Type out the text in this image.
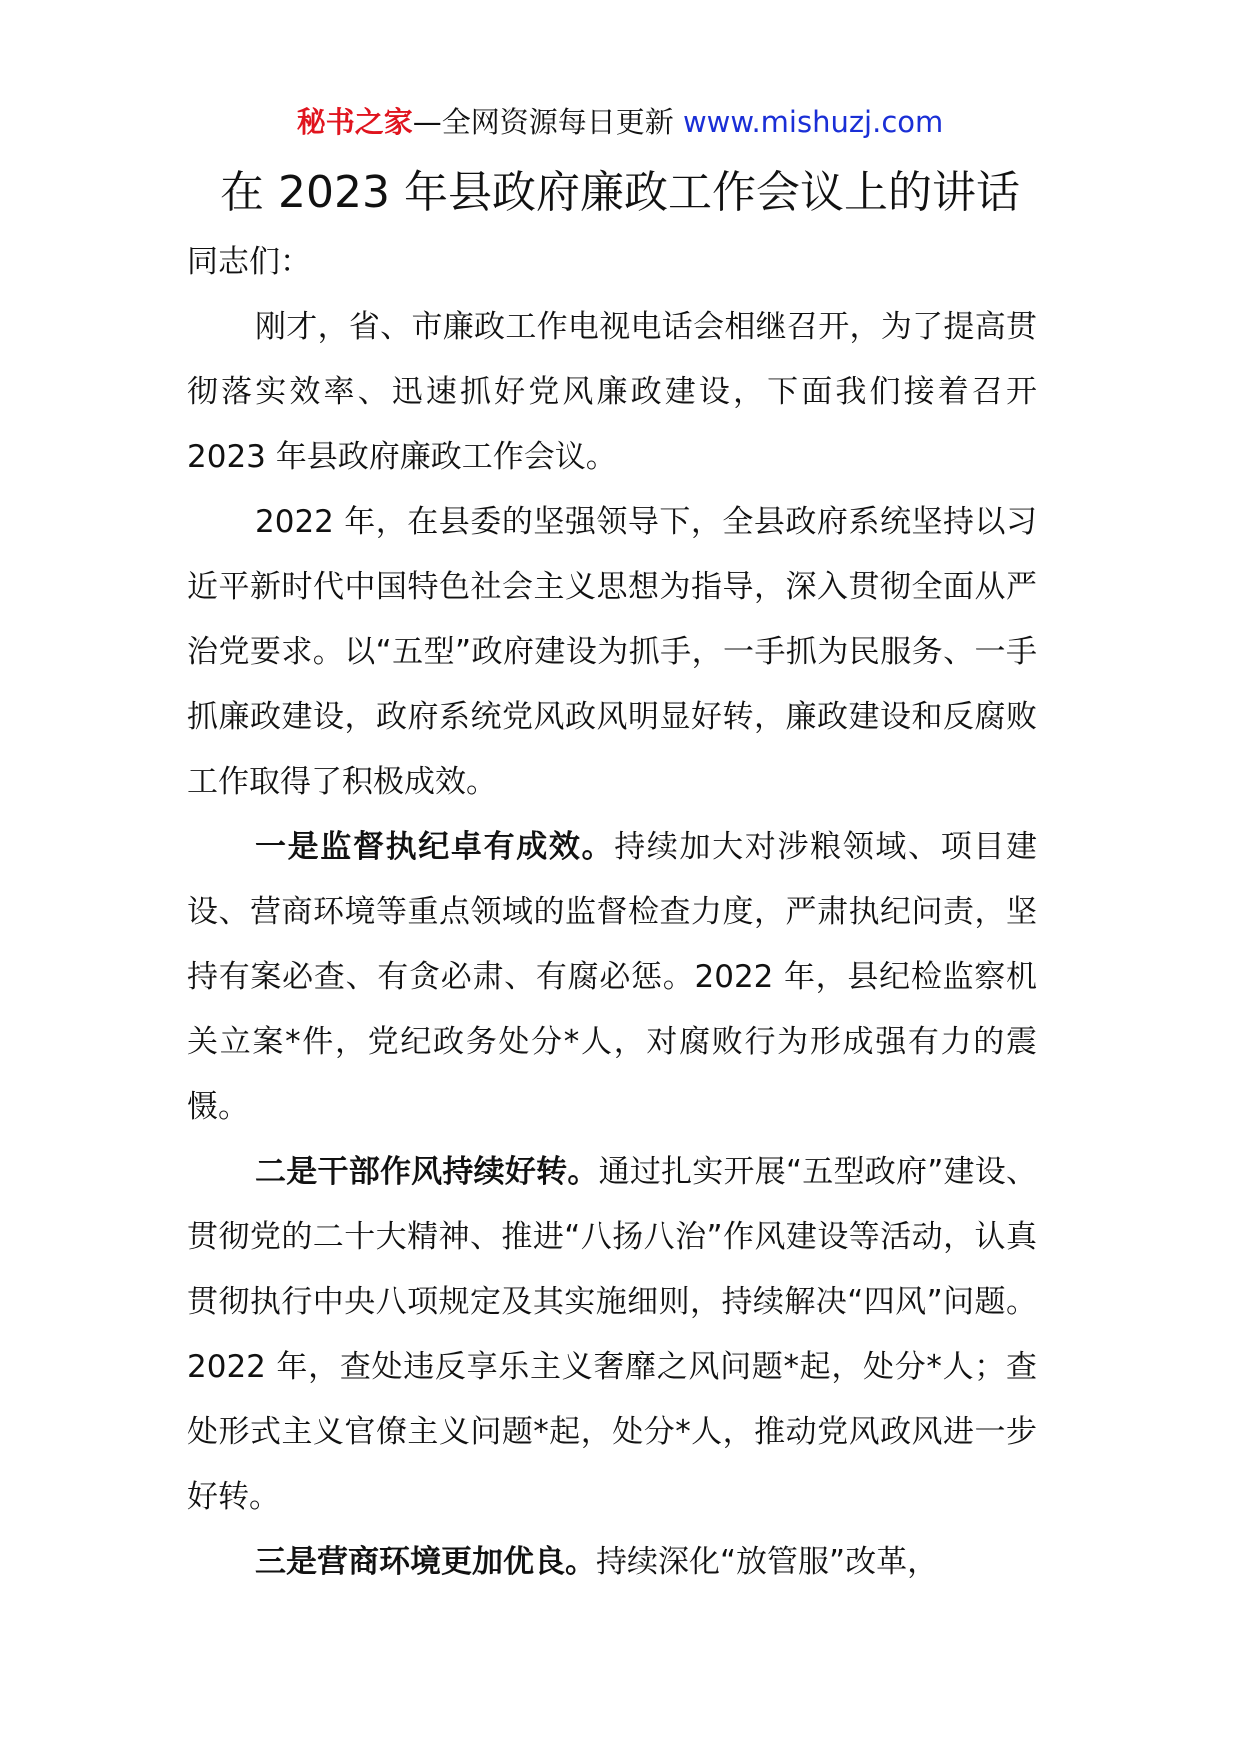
秘书之家—全网资源每日更新 www.mishuzj.com
在 2023 年县政府廉政工作会议上的讲话

同志们：

刚才，省、市廉政工作电视电话会相继召开，为了提高贯彻落实效率、迅速抓好党风廉政建设，下面我们接着召开 2023 年县政府廉政工作会议。

2022 年，在县委的坚强领导下，全县政府系统坚持以习近平新时代中国特色社会主义思想为指导，深入贯彻全面从严治党要求。以“五型”政府建设为抓手，一手抓为民服务、一手抓廉政建设，政府系统党风政风明显好转，廉政建设和反腐败工作取得了积极成效。

一是监督执纪卓有成效。持续加大对涉粮领域、项目建设、营商环境等重点领域的监督检查力度，严肃执纪问责，坚持有案必查、有贪必肃、有腐必惩。2022 年，县纪检监察机关立案*件，党纪政务处分*人，对腐败行为形成强有力的震慑。

二是干部作风持续好转。通过扎实开展“五型政府”建设、贯彻党的二十大精神、推进“八扬八治”作风建设等活动，认真贯彻执行中央八项规定及其实施细则，持续解决“四风”问题。2022 年，查处违反享乐主义奢靡之风问题*起，处分*人；查处形式主义官僚主义问题*起，处分*人，推动党风政风进一步好转。

三是营商环境更加优良。持续深化“放管服”改革，
